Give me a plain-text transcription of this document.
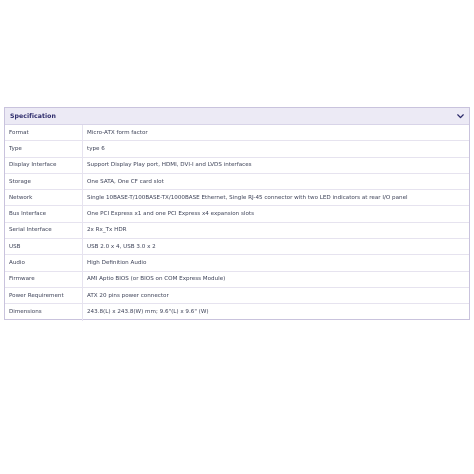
Specification
Format	Micro-ATX form factor
Type	type 6
Display Interface	Support Display Play port, HDMI, DVI-I and LVDS interfaces
Storage	One SATA, One CF card slot
Network	Single 10BASE-T/100BASE-TX/1000BASE Ethernet, Single RJ-45 connector with two LED indicators at rear I/O panel
Bus Interface	One PCI Express x1 and one PCI Express x4 expansion slots
Serial Interface	2x Rx_Tx HDR
USB	USB 2.0 x 4, USB 3.0 x 2
Audio	High Definition Audio
Firmware	AMI Aptio BIOS (or BIOS on COM Express Module)
Power Requirement	ATX 20 pins power connector
Dimensions	243.8(L) x 243.8(W) mm; 9.6"(L) x 9.6" (W)
